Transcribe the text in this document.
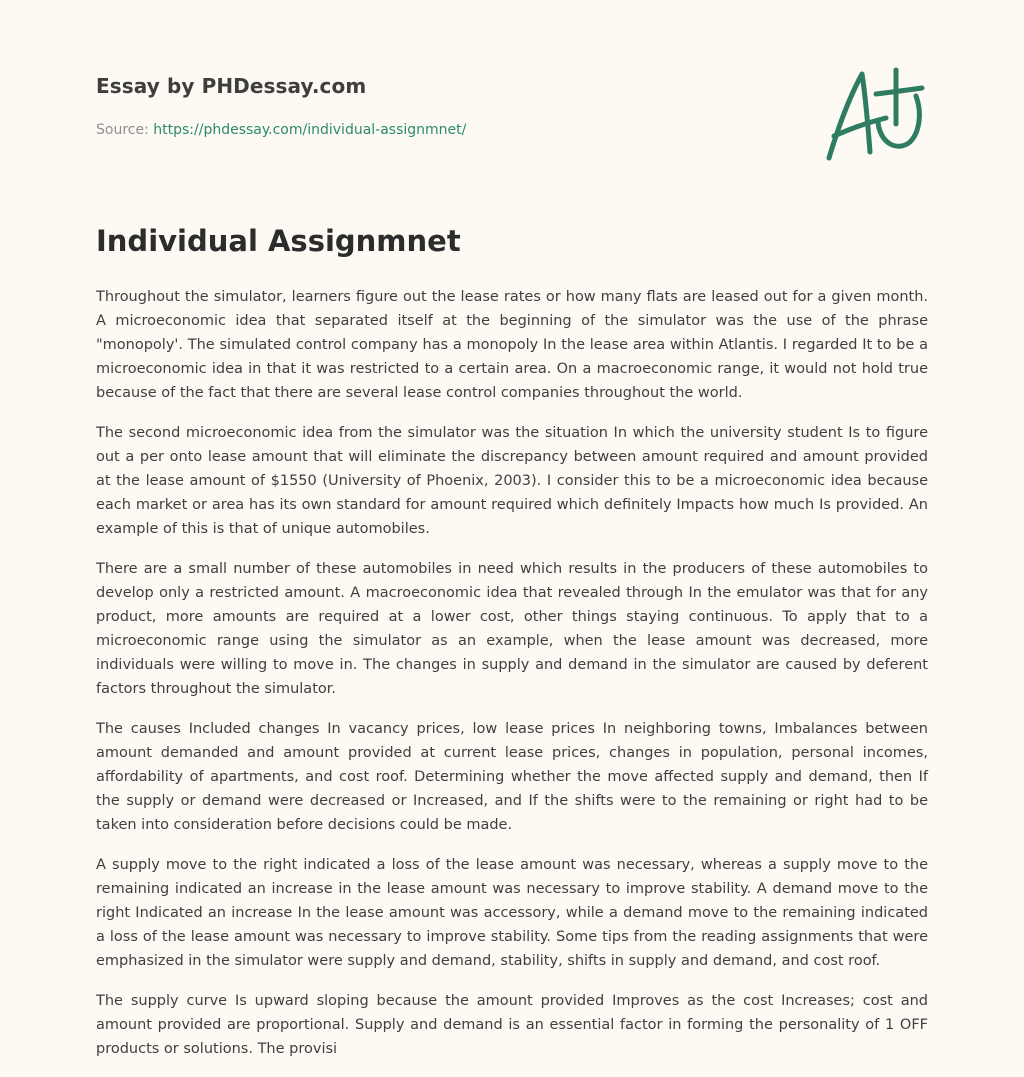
Essay by PHDessay.com
Source: https://phdessay.com/individual-assignmnet/
Individual Assignmnet

Throughout the simulator, learners figure out the lease rates or how many flats are leased out for a given month. A microeconomic idea that separated itself at the beginning of the simulator was the use of the phrase "monopoly'. The simulated control company has a monopoly In the lease area within Atlantis. I regarded It to be a microeconomic idea in that it was restricted to a certain area. On a macroeconomic range, it would not hold true because of the fact that there are several lease control companies throughout the world.

The second microeconomic idea from the simulator was the situation In which the university student Is to figure out a per onto lease amount that will eliminate the discrepancy between amount required and amount provided at the lease amount of $1550 (University of Phoenix, 2003). I consider this to be a microeconomic idea because each market or area has its own standard for amount required which definitely Impacts how much Is provided. An example of this is that of unique automobiles.

There are a small number of these automobiles in need which results in the producers of these automobiles to develop only a restricted amount. A macroeconomic idea that revealed through In the emulator was that for any product, more amounts are required at a lower cost, other things staying continuous. To apply that to a microeconomic range using the simulator as an example, when the lease amount was decreased, more individuals were willing to move in. The changes in supply and demand in the simulator are caused by deferent factors throughout the simulator.

The causes Included changes In vacancy prices, low lease prices In neighboring towns, Imbalances between amount demanded and amount provided at current lease prices, changes in population, personal incomes, affordability of apartments, and cost roof. Determining whether the move affected supply and demand, then If the supply or demand were decreased or Increased, and If the shifts were to the remaining or right had to be taken into consideration before decisions could be made.

A supply move to the right indicated a loss of the lease amount was necessary, whereas a supply move to the remaining indicated an increase in the lease amount was necessary to improve stability. A demand move to the right Indicated an increase In the lease amount was accessory, while a demand move to the remaining indicated a loss of the lease amount was necessary to improve stability. Some tips from the reading assignments that were emphasized in the simulator were supply and demand, stability, shifts in supply and demand, and cost roof.

The supply curve Is upward sloping because the amount provided Improves as the cost Increases; cost and amount provided are proportional. Supply and demand is an essential factor in forming the personality of 1 OFF products or solutions. The provisi
